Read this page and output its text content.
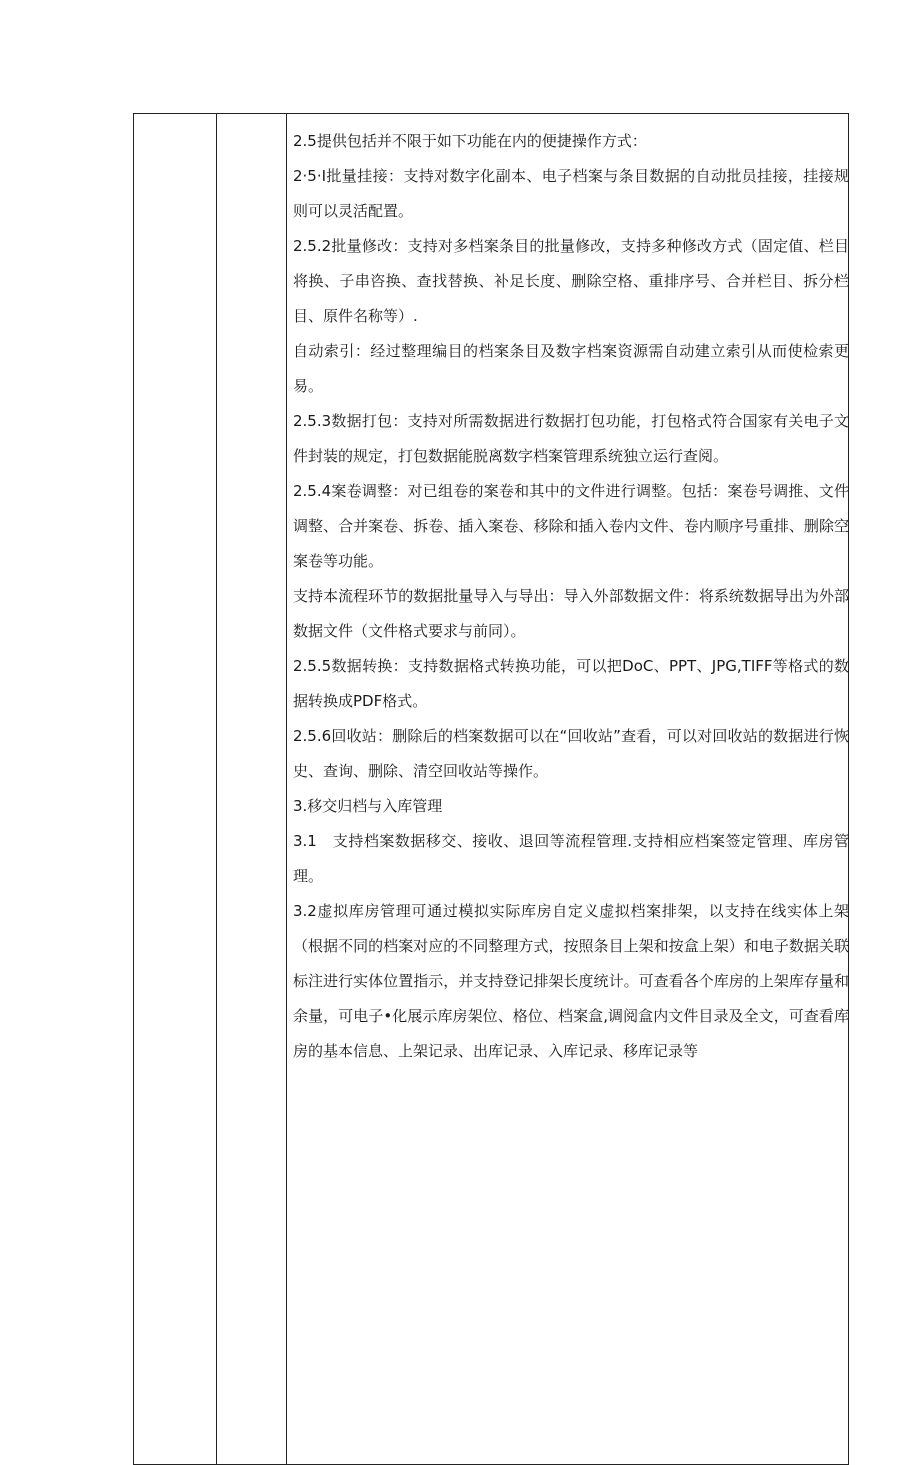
2.5提供包括并不限于如下功能在内的便捷操作方式：

2·5·I批量挂接：支持对数字化副本、电子档案与条目数据的自动批员挂接，挂接规则可以灵活配置。

2.5.2批量修改：支持对多档案条目的批量修改，支持多种修改方式（固定值、栏目将换、子串咨换、查找替换、补足长度、删除空格、重排序号、合并栏目、拆分栏目、原件名称等）.

自动索引：经过整理编目的档案条目及数字档案资源需自动建立索引从而使检索更易。

2.5.3数据打包：支持对所需数据进行数据打包功能，打包格式符合国家有关电子文件封装的规定，打包数据能脱离数字档案管理系统独立运行查阅。

2.5.4案卷调整：对已组卷的案卷和其中的文件进行调整。包括：案卷号调推、文件调整、合并案卷、拆卷、插入案卷、移除和插入卷内文件、卷内顺序号重排、删除空案卷等功能。

支持本流程环节的数据批量导入与导出：导入外部数据文件：将系统数据导出为外部数据文件（文件格式要求与前同）。

2.5.5数据转换：支持数据格式转换功能，可以把DoC、PPT、JPG,TIFF等格式的数据转换成PDF格式。

2.5.6回收站：删除后的档案数据可以在“回收站”查看，可以对回收站的数据进行恢史、查询、删除、清空回收站等操作。

3.移交归档与入库管理

3.1　支持档案数据移交、接收、退回等流程管理.支持相应档案签定管理、库房管理。

3.2虚拟库房管理可通过模拟实际库房自定义虚拟档案排架，以支持在线实体上架（根据不同的档案对应的不同整理方式，按照条目上架和按盒上架）和电子数据关联标注进行实体位置指示，并支持登记排架长度统计。可查看各个库房的上架库存量和余量，可电子•化展示库房架位、格位、档案盒,调阅盒内文件目录及全文，可查看库房的基本信息、上架记录、出库记录、入库记录、移库记录等
